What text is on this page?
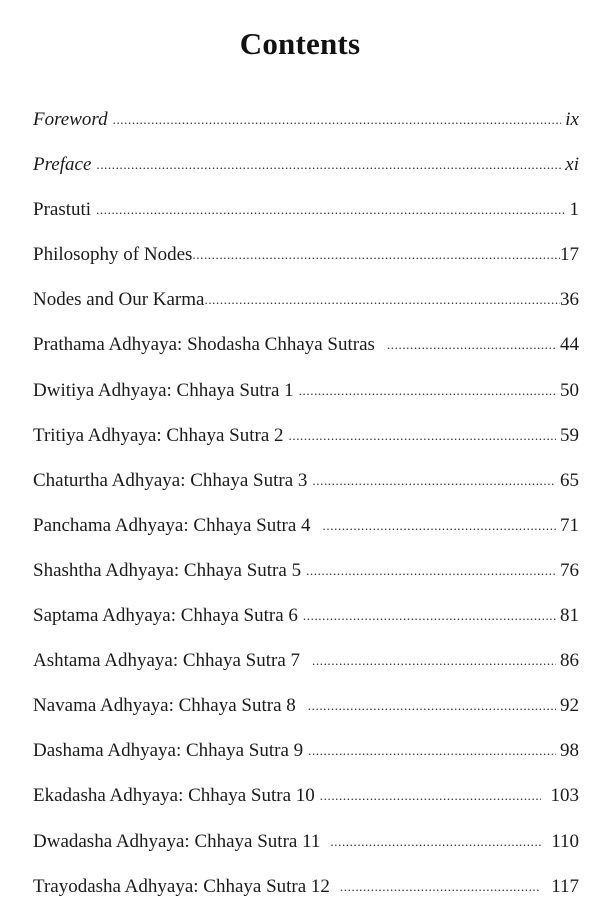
Contents
Foreword .....	ix
Preface .....	xi
Prastuti .....	1
Philosophy of Nodes .....	17
Nodes and Our Karma .....	36
Prathama Adhyaya: Shodasha Chhaya Sutras .....	44
Dwitiya Adhyaya: Chhaya Sutra 1 .....	50
Tritiya Adhyaya: Chhaya Sutra 2 .....	59
Chaturtha Adhyaya: Chhaya Sutra 3 .....	65
Panchama Adhyaya: Chhaya Sutra 4 .....	71
Shashtha Adhyaya: Chhaya Sutra 5 .....	76
Saptama Adhyaya: Chhaya Sutra 6 .....	81
Ashtama Adhyaya: Chhaya Sutra 7 .....	86
Navama Adhyaya: Chhaya Sutra 8 .....	92
Dashama Adhyaya: Chhaya Sutra 9 .....	98
Ekadasha Adhyaya: Chhaya Sutra 10 .....	103
Dwadasha Adhyaya: Chhaya Sutra 11 .....	110
Trayodasha Adhyaya: Chhaya Sutra 12 .....	117
